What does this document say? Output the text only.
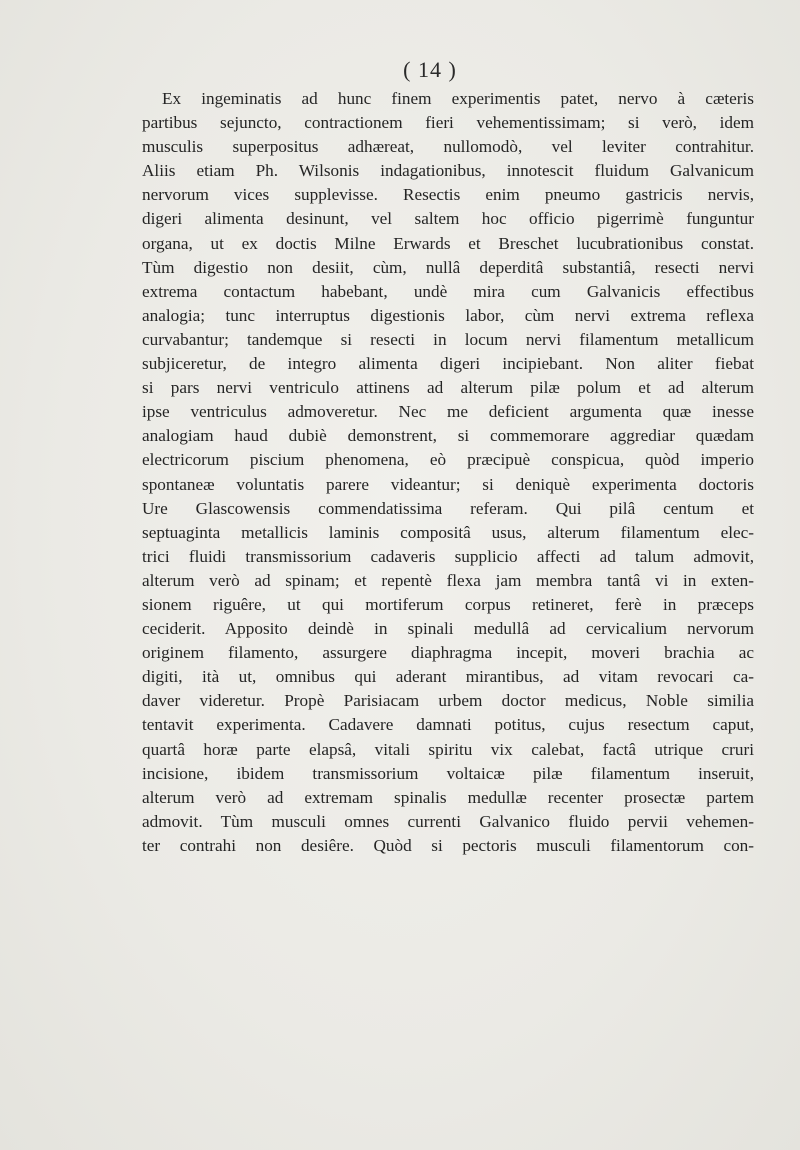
( 14 )
Ex ingeminatis ad hunc finem experimentis patet, nervo à cæteris
partibus sejuncto, contractionem fieri vehementissimam; si verò, idem
musculis superpositus adhæreat, nullomodò, vel leviter contrahitur.
Aliis etiam Ph. Wilsonis indagationibus, innotescit fluidum Galvanicum
nervorum vices supplevisse. Resectis enim pneumo gastricis nervis,
digeri alimenta desinunt, vel saltem hoc officio pigerrimè funguntur
organa, ut ex doctis Milne Erwards et Breschet lucubrationibus constat.
Tùm digestio non desiit, cùm, nullâ deperditâ substantiâ, resecti nervi
extrema contactum habebant, undè mira cum Galvanicis effectibus
analogia; tunc interruptus digestionis labor, cùm nervi extrema reflexa
curvabantur; tandemque si resecti in locum nervi filamentum metallicum
subjiceretur, de integro alimenta digeri incipiebant. Non aliter fiebat
si pars nervi ventriculo attinens ad alterum pilæ polum et ad alterum
ipse ventriculus admoveretur. Nec me deficient argumenta quæ inesse
analogiam haud dubiè demonstrent, si commemorare aggrediar quædam
electricorum piscium phenomena, eò præcipuè conspicua, quòd imperio
spontaneæ voluntatis parere videantur; si deniquè experimenta doctoris
Ure Glascowensis commendatissima referam. Qui pilâ centum et
septuaginta metallicis laminis compositâ usus, alterum filamentum elec-
trici fluidi transmissorium cadaveris supplicio affecti ad talum admovit,
alterum verò ad spinam; et repentè flexa jam membra tantâ vi in exten-
sionem riguêre, ut qui mortiferum corpus retineret, ferè in præceps
ceciderit. Apposito deindè in spinali medullâ ad cervicalium nervorum
originem filamento, assurgere diaphragma incepit, moveri brachia ac
digiti, ità ut, omnibus qui aderant mirantibus, ad vitam revocari ca-
daver videretur. Propè Parisiacam urbem doctor medicus, Noble similia
tentavit experimenta. Cadavere damnati potitus, cujus resectum caput,
quartâ horæ parte elapsâ, vitali spiritu vix calebat, factâ utrique cruri
incisione, ibidem transmissorium voltaicæ pilæ filamentum inseruit,
alterum verò ad extremam spinalis medullæ recenter prosectæ partem
admovit. Tùm musculi omnes currenti Galvanico fluido pervii vehemen-
ter contrahi non desiêre. Quòd si pectoris musculi filamentorum con-
